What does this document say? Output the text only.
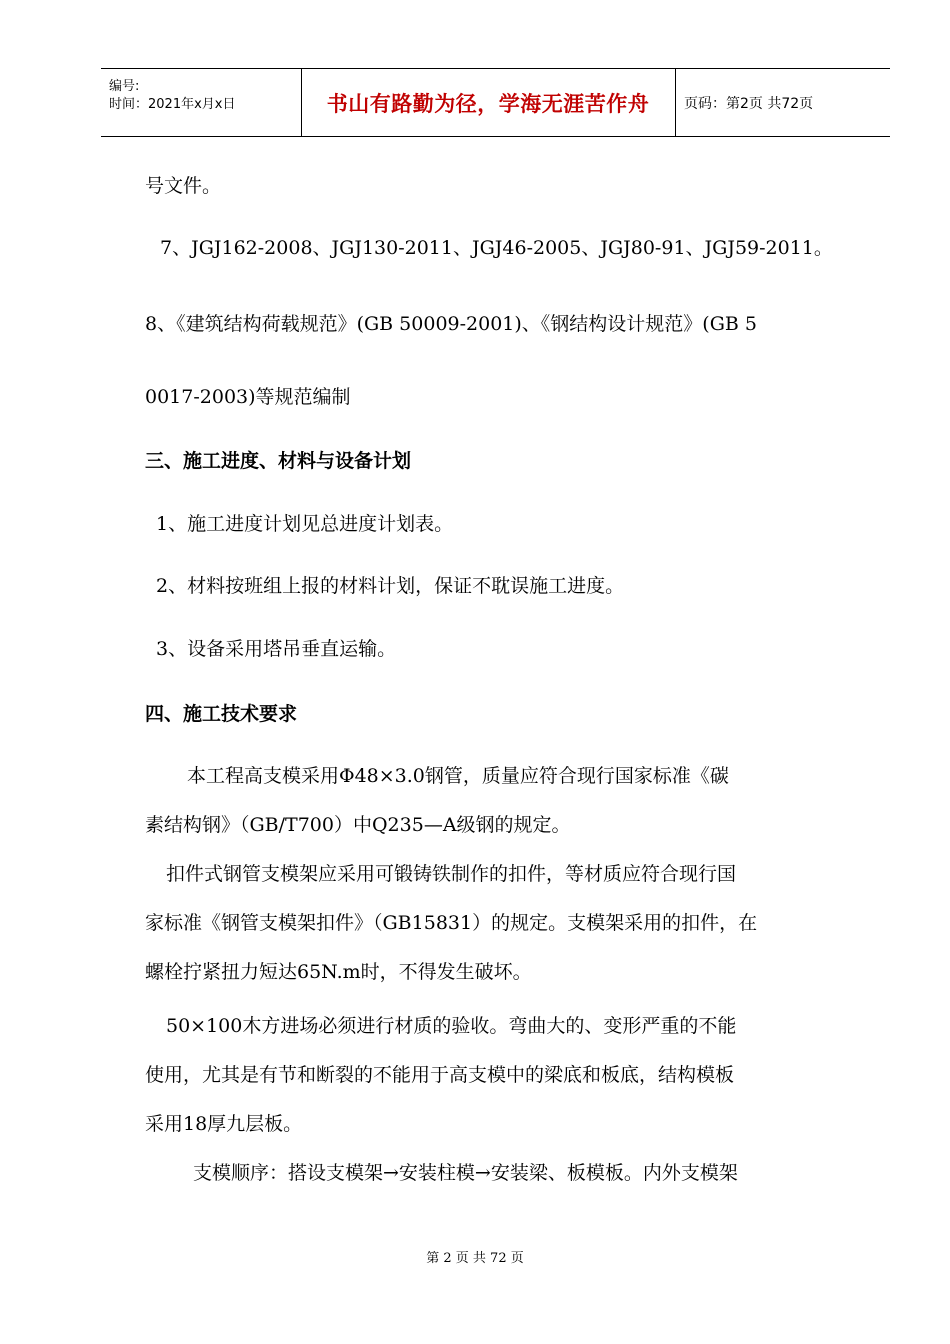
编号:
时间：2021年x月x日	书山有路勤为径，学海无涯苦作舟 页码：第2页 共72页
号文件。
7、JGJ162-2008、JGJ130-2011、JGJ46-2005、JGJ80-91、JGJ59-2011。
8、《建筑结构荷载规范》(GB 50009-2001)、《钢结构设计规范》(GB 5
0017-2003)等规范编制
三、施工进度、材料与设备计划
1、施工进度计划见总进度计划表。
2、材料按班组上报的材料计划，保证不耽误施工进度。
3、设备采用塔吊垂直运输。
四、施工技术要求
本工程高支模采用Φ48×3.0钢管，质量应符合现行国家标准《碳
素结构钢》（GB/T700）中Q235—A级钢的规定。
扣件式钢管支模架应采用可锻铸铁制作的扣件，等材质应符合现行国
家标准《钢管支模架扣件》（GB15831）的规定。支模架采用的扣件，在
螺栓拧紧扭力短达65N.m时，不得发生破坏。
50×100木方进场必须进行材质的验收。弯曲大的、变形严重的不能
使用，尤其是有节和断裂的不能用于高支模中的梁底和板底，结构模板
采用18厚九层板。
支模顺序：搭设支模架→安装柱模→安装梁、板模板。内外支模架
第 2 页 共 72 页
